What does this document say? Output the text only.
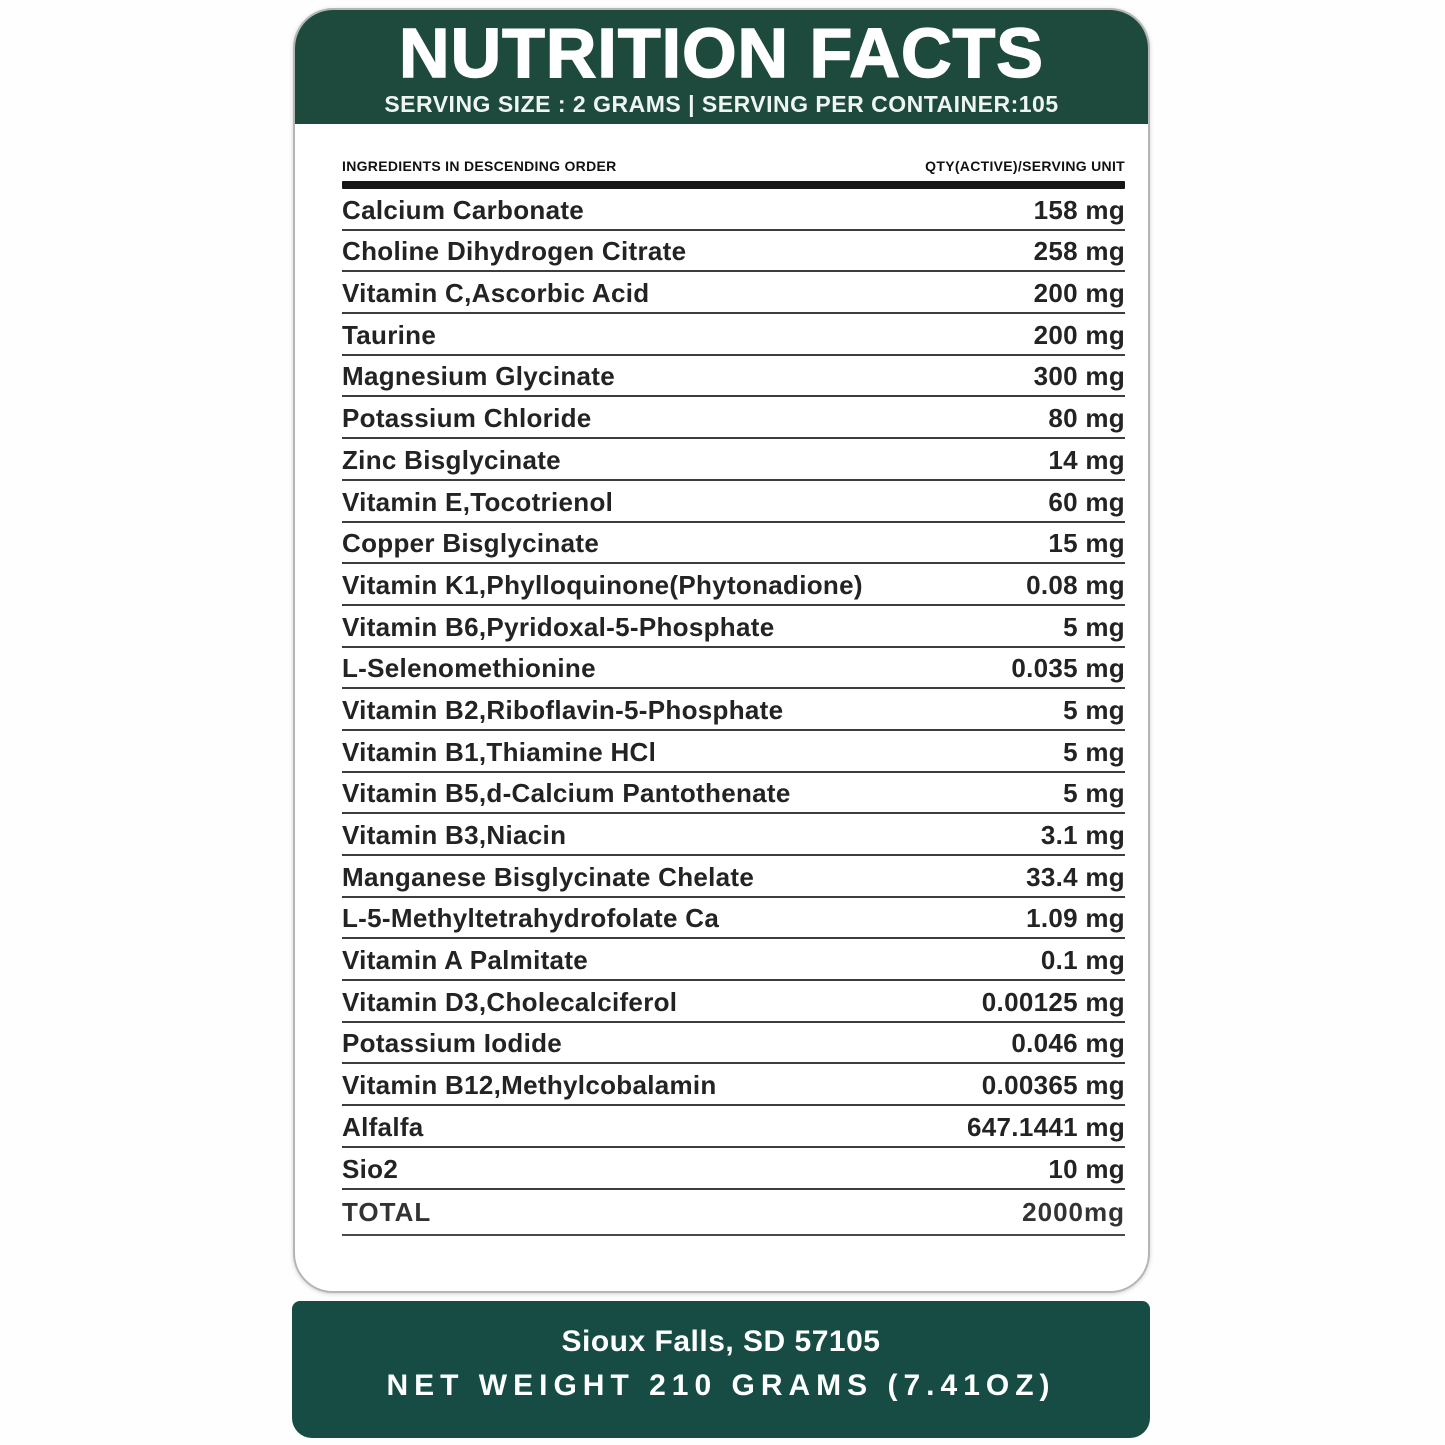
NUTRITION FACTS
SERVING SIZE : 2 GRAMS | SERVING PER CONTAINER:105
INGREDIENTS IN DESCENDING ORDER	QTY(ACTIVE)/SERVING UNIT
Calcium Carbonate	158 mg
Choline Dihydrogen Citrate	258 mg
Vitamin C,Ascorbic Acid	200 mg
Taurine	200 mg
Magnesium Glycinate	300 mg
Potassium Chloride	80 mg
Zinc Bisglycinate	14 mg
Vitamin E,Tocotrienol	60 mg
Copper Bisglycinate	15 mg
Vitamin K1,Phylloquinone(Phytonadione)	0.08 mg
Vitamin B6,Pyridoxal-5-Phosphate	5 mg
L-Selenomethionine	0.035 mg
Vitamin B2,Riboflavin-5-Phosphate	5 mg
Vitamin B1,Thiamine HCl	5 mg
Vitamin B5,d-Calcium Pantothenate	5 mg
Vitamin B3,Niacin	3.1 mg
Manganese Bisglycinate Chelate	33.4 mg
L-5-Methyltetrahydrofolate Ca	1.09 mg
Vitamin A Palmitate	0.1 mg
Vitamin D3,Cholecalciferol	0.00125 mg
Potassium Iodide	0.046 mg
Vitamin B12,Methylcobalamin	0.00365 mg
Alfalfa	647.1441 mg
Sio2	10 mg
TOTAL	2000mg
Sioux Falls, SD 57105
NET WEIGHT 210 GRAMS (7.41OZ)
